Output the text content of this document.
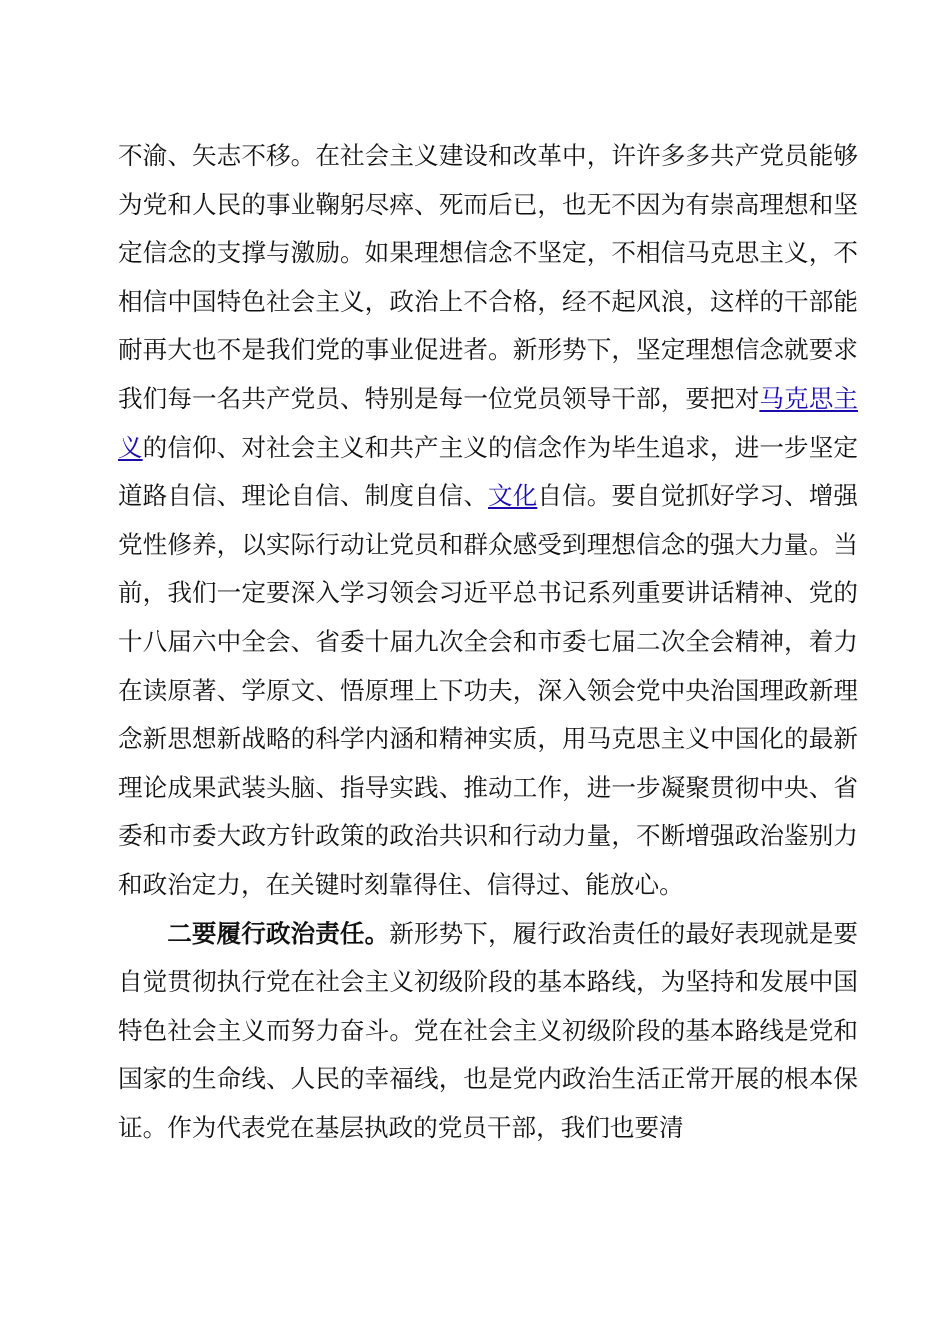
不渝、矢志不移。在社会主义建设和改革中，许许多多共产党员能够为党和人民的事业鞠躬尽瘁、死而后已，也无不因为有崇高理想和坚定信念的支撑与激励。如果理想信念不坚定，不相信马克思主义，不相信中国特色社会主义，政治上不合格，经不起风浪，这样的干部能耐再大也不是我们党的事业促进者。新形势下，坚定理想信念就要求我们每一名共产党员、特别是每一位党员领导干部，要把对马克思主义的信仰、对社会主义和共产主义的信念作为毕生追求，进一步坚定道路自信、理论自信、制度自信、文化自信。要自觉抓好学习、增强党性修养，以实际行动让党员和群众感受到理想信念的强大力量。当前，我们一定要深入学习领会习近平总书记系列重要讲话精神、党的十八届六中全会、省委十届九次全会和市委七届二次全会精神，着力在读原著、学原文、悟原理上下功夫，深入领会党中央治国理政新理念新思想新战略的科学内涵和精神实质，用马克思主义中国化的最新理论成果武装头脑、指导实践、推动工作，进一步凝聚贯彻中央、省委和市委大政方针政策的政治共识和行动力量，不断增强政治鉴别力和政治定力，在关键时刻靠得住、信得过、能放心。

二要履行政治责任。新形势下，履行政治责任的最好表现就是要自觉贯彻执行党在社会主义初级阶段的基本路线，为坚持和发展中国特色社会主义而努力奋斗。党在社会主义初级阶段的基本路线是党和国家的生命线、人民的幸福线，也是党内政治生活正常开展的根本保证。作为代表党在基层执政的党员干部，我们也要清
